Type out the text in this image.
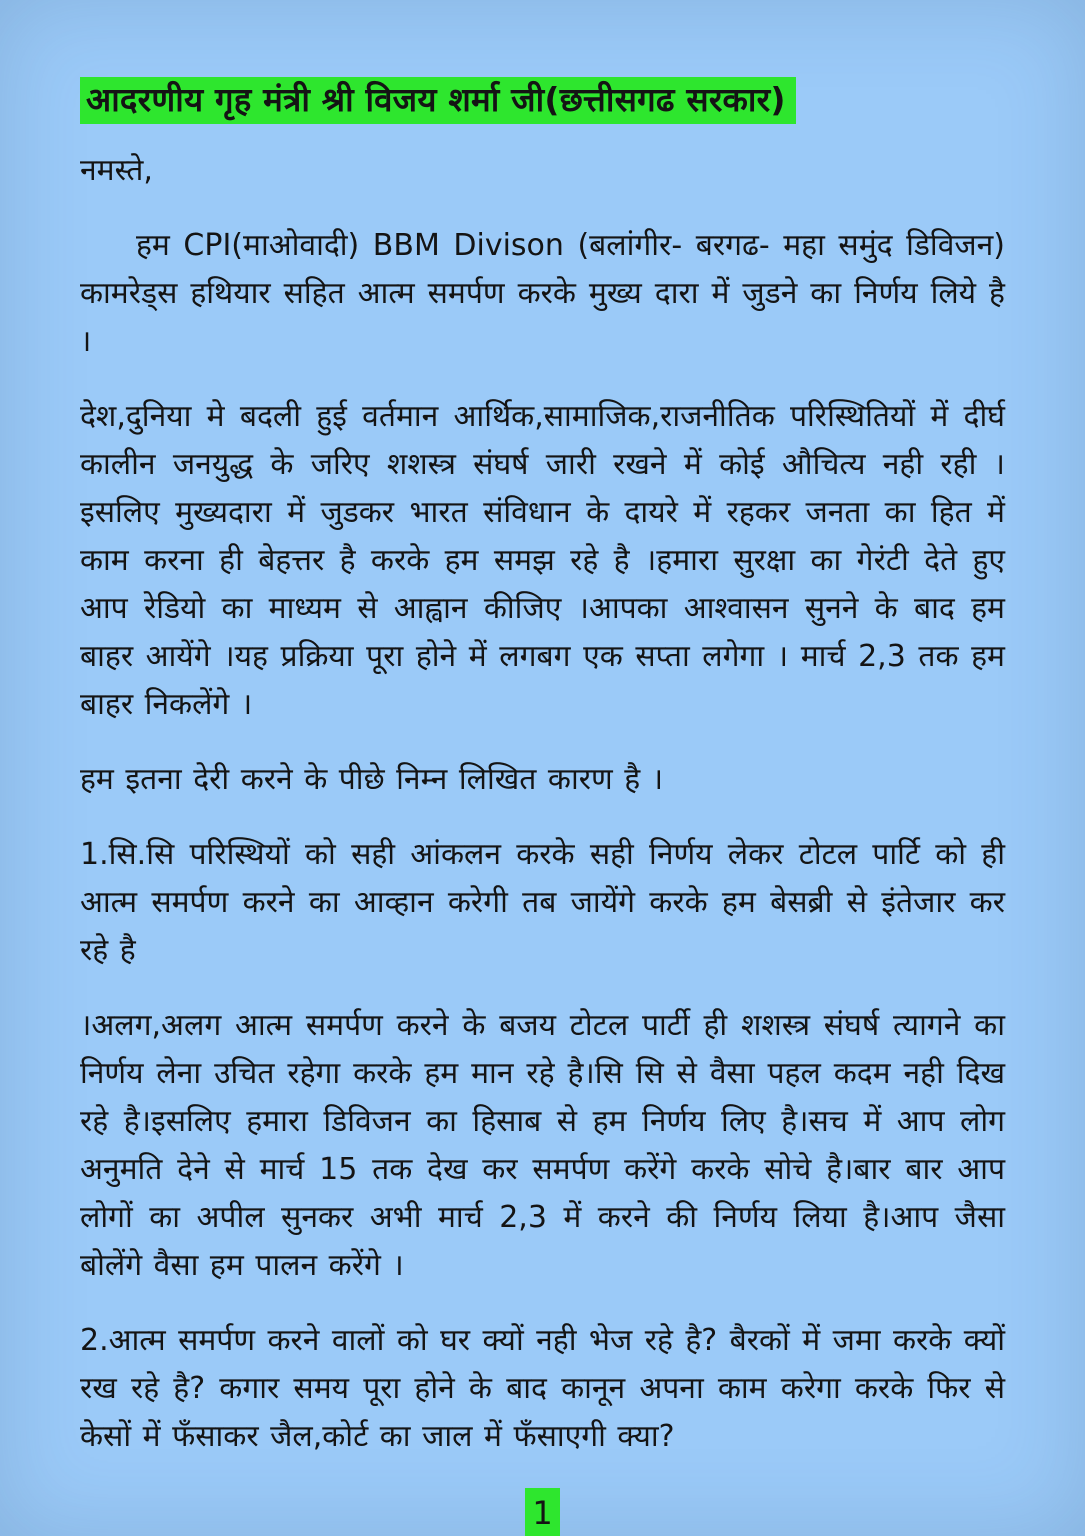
आदरणीय गृह मंत्री श्री विजय शर्मा जी(छत्तीसगढ सरकार)

नमस्ते,

हम CPI(माओवादी) BBM Divison (बलांगीर- बरगढ- महा समुंद डिविजन) कामरेड्स हथियार सहित आत्म समर्पण करके मुख्य दारा में जुडने का निर्णय लिये है ।

देश,दुनिया मे बदली हुई वर्तमान आर्थिक,सामाजिक,राजनीतिक परिस्थितियों में दीर्घ कालीन जनयुद्ध के जरिए शशस्त्र संघर्ष जारी रखने में कोई औचित्य नही रही ।इसलिए मुख्यदारा में जुडकर भारत संविधान के दायरे में रहकर जनता का हित में काम करना ही बेहत्तर है करके हम समझ रहे है ।हमारा सुरक्षा का गेरंटी देते हुए आप रेडियो का माध्यम से आह्वान कीजिए ।आपका आश्वासन सुनने के बाद हम बाहर आयेंगे ।यह प्रक्रिया पूरा होने में लगबग एक सप्ता लगेगा । मार्च 2,3 तक हम बाहर निकलेंगे ।

हम इतना देरी करने के पीछे निम्न लिखित कारण है ।

1.सि.सि परिस्थियों को सही आंकलन करके सही निर्णय लेकर टोटल पार्टि को ही आत्म समर्पण करने का आव्हान करेगी तब जायेंगे करके हम बेसब्री से इंतेजार कर रहे है

।अलग,अलग आत्म समर्पण करने के बजय टोटल पार्टी ही शशस्त्र संघर्ष त्यागने का निर्णय लेना उचित रहेगा करके हम मान रहे है।सि सि से वैसा पहल कदम नही दिख रहे है।इसलिए हमारा डिविजन का हिसाब से हम निर्णय लिए है।सच में आप लोग अनुमति देने से मार्च 15 तक देख कर समर्पण करेंगे करके सोचे है।बार बार आप लोगों का अपील सुनकर अभी मार्च 2,3 में करने की निर्णय लिया है।आप जैसा बोलेंगे वैसा हम पालन करेंगे ।

2.आत्म समर्पण करने वालों को घर क्यों नही भेज रहे है? बैरकों में जमा करके क्यों रख रहे है? कगार समय पूरा होने के बाद कानून अपना काम करेगा करके फिर से केसों में फँसाकर जैल,कोर्ट का जाल में फँसाएगी क्या?

1
